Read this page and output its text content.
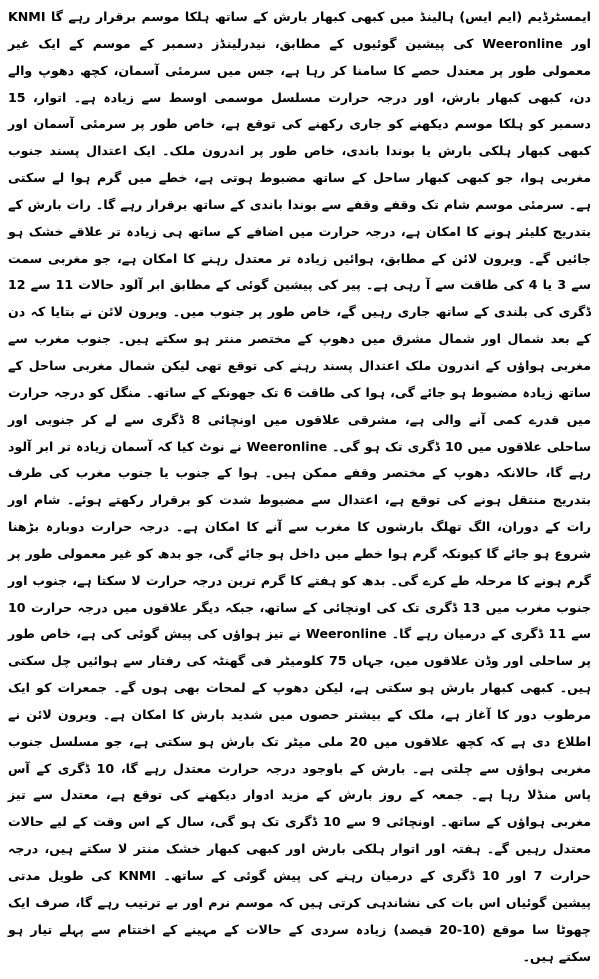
ایمسٹرڈیم (ایم ایس) ہالینڈ میں کبھی کبھار بارش کے ساتھ ہلکا موسم برقرار رہے گا KNMI اور Weeronline کی پیشین گوئیوں کے مطابق، نیدرلینڈز دسمبر کے موسم کے ایک غیر معمولی طور پر معتدل حصے کا سامنا کر رہا ہے، جس میں سرمئی آسمان، کچھ دھوپ والے دن، کبھی کبھار بارش، اور درجہ حرارت مسلسل موسمی اوسط سے زیادہ ہے۔ اتوار، 15 دسمبر کو ہلکا موسم دیکھنے کو جاری رکھنے کی توقع ہے، خاص طور پر سرمئی آسمان اور کبھی کبھار ہلکی بارش یا بوندا باندی، خاص طور پر اندرون ملک۔ ایک اعتدال پسند جنوب مغربی ہوا، جو کبھی کبھار ساحل کے ساتھ مضبوط ہوتی ہے، خطے میں گرم ہوا لے سکتی ہے۔ سرمئی موسم شام تک وقفے وقفے سے بوندا باندی کے ساتھ برقرار رہے گا۔ رات بارش کے بتدریج کلیئر ہونے کا امکان ہے، درجہ حرارت میں اضافے کے ساتھ ہی زیادہ تر علاقے خشک ہو جائیں گے۔ ویرون لائن کے مطابق، ہوائیں زیادہ تر معتدل رہنے کا امکان ہے، جو مغربی سمت سے 3 یا 4 کی طاقت سے آ رہی ہے۔ پیر کی پیشین گوئی کے مطابق ابر آلود حالات 11 سے 12 ڈگری کی بلندی کے ساتھ جاری رہیں گے، خاص طور پر جنوب میں۔ ویرون لائن نے بتایا کہ دن کے بعد شمال اور شمال مشرق میں دھوپ کے مختصر منتر ہو سکتے ہیں۔ جنوب مغرب سے مغربی ہواؤں کے اندرون ملک اعتدال پسند رہنے کی توقع تھی لیکن شمال مغربی ساحل کے ساتھ زیادہ مضبوط ہو جائے گی، ہوا کی طاقت 6 تک جھونکے کے ساتھ۔ منگل کو درجہ حرارت میں قدرے کمی آنے والی ہے، مشرقی علاقوں میں اونچائی 8 ڈگری سے لے کر جنوبی اور ساحلی علاقوں میں 10 ڈگری تک ہو گی۔ Weeronline نے نوٹ کیا کہ آسمان زیادہ تر ابر آلود رہے گا، حالانکہ دھوپ کے مختصر وقفے ممکن ہیں۔ ہوا کے جنوب یا جنوب مغرب کی طرف بتدریج منتقل ہونے کی توقع ہے، اعتدال سے مضبوط شدت کو برقرار رکھتے ہوئے۔ شام اور رات کے دوران، الگ تھلگ بارشوں کا مغرب سے آنے کا امکان ہے۔ درجہ حرارت دوبارہ بڑھنا شروع ہو جائے گا کیونکہ گرم ہوا خطے میں داخل ہو جائے گی، جو بدھ کو غیر معمولی طور پر گرم ہونے کا مرحلہ طے کرے گی۔ بدھ کو ہفتے کا گرم ترین درجہ حرارت لا سکتا ہے، جنوب اور جنوب مغرب میں 13 ڈگری تک کی اونچائی کے ساتھ، جبکہ دیگر علاقوں میں درجہ حرارت 10 سے 11 ڈگری کے درمیان رہے گا۔ Weeronline نے تیز ہواؤں کی پیش گوئی کی ہے، خاص طور پر ساحلی اور وڈن علاقوں میں، جہاں 75 کلومیٹر فی گھنٹہ کی رفتار سے ہوائیں چل سکتی ہیں۔ کبھی کبھار بارش ہو سکتی ہے، لیکن دھوپ کے لمحات بھی ہوں گے۔ جمعرات کو ایک مرطوب دور کا آغاز ہے، ملک کے بیشتر حصوں میں شدید بارش کا امکان ہے۔ ویرون لائن نے اطلاع دی ہے کہ کچھ علاقوں میں 20 ملی میٹر تک بارش ہو سکتی ہے، جو مسلسل جنوب مغربی ہواؤں سے چلتی ہے۔ بارش کے باوجود درجہ حرارت معتدل رہے گا، 10 ڈگری کے آس پاس منڈلا رہا ہے۔ جمعہ کے روز بارش کے مزید ادوار دیکھنے کی توقع ہے، معتدل سے تیز مغربی ہواؤں کے ساتھ۔ اونچائی 9 سے 10 ڈگری تک ہو گی، سال کے اس وقت کے لیے حالات معتدل رہیں گے۔ ہفتہ اور اتوار ہلکی بارش اور کبھی کبھار خشک منتر لا سکتے ہیں، درجہ حرارت 7 اور 10 ڈگری کے درمیان رہنے کی پیش گوئی کے ساتھ۔ KNMI کی طویل مدتی پیشین گوئیاں اس بات کی نشاندہی کرتی ہیں کہ موسم نرم اور بے ترتیب رہے گا، صرف ایک چھوٹا سا موقع (10-20 فیصد) زیادہ سردی کے حالات کے مہینے کے اختتام سے پہلے تیار ہو سکتے ہیں۔
